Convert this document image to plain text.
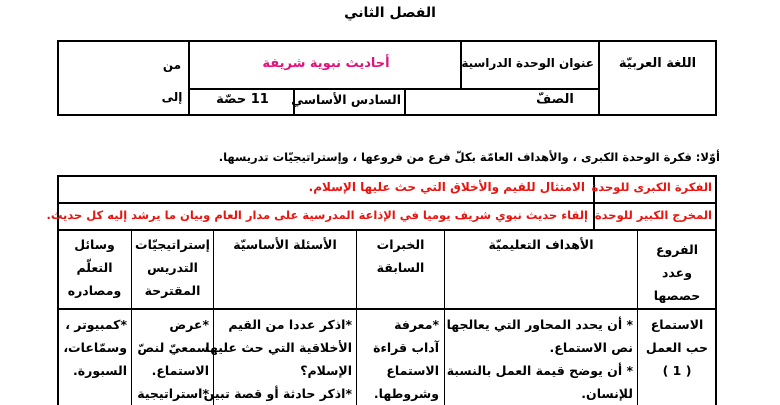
الفصل الثاني
اللغة العربيّة
عنوان الوحدة الدراسية
أحاديث نبوية شريفة
من
إلى	الصفّ
السادس الأساسي
11 حصّة
أوّلا: فكرة الوحدة الكبرى ، والأهداف العامّة بكلّ فرع من فروعها ، وإستراتيجيّات تدريسها.
الفكرة الكبرى للوحدة
الامتثال للقيم والأخلاق التي حث عليها الإسلام.
المخرج الكبير للوحدة
إلقاء حديث نبوي شريف يوميا في الإذاعة المدرسية على مدار العام وبيان ما يرشد إليه كل حديث.
الفروع
وعدد
حصصها
الأهداف التعليميّة
الخبرات
السابقة
الأسئلة الأساسيّة
إستراتيجيّات
التدريس
المقترحة
وسائل
التعلّم
ومصادره
الاستماع
حب العمل
( 1 )
* أن يحدد المحاور التي يعالجها
نص الاستماع.
* أن يوضح قيمة العمل بالنسبة
للإنسان.
*معرفة
آداب قراءة
الاستماع
وشروطها.
*اذكر عددا من القيم
الأخلاقية التي حث عليها
الإسلام؟
*اذكر حادثة أو قصة تبين
*عرض
سمعيّ لنصّ
الاستماع.
*استراتيجية
*كمبيوتر ،
وسمّاعات،
السبورة.
